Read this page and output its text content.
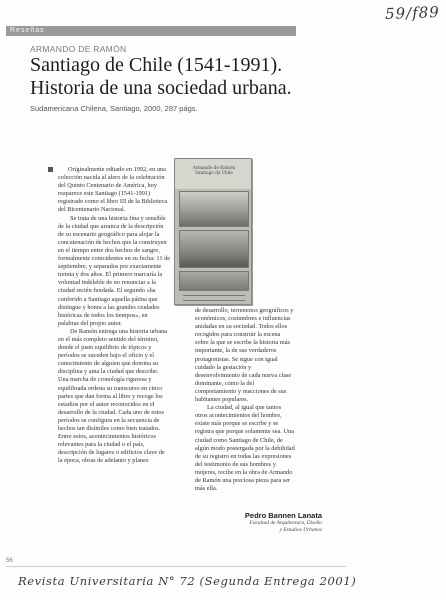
59/f89
Reseñas
ARMANDO DE RAMÓN
Santiago de Chile (1541-1991).
Historia de una sociedad urbana.
Sudamericana Chilena, Santiago, 2000, 287 págs.

Originalmente editado en 1992, en una colección nacida al alero de la celebración del Quinto Centenario de América, hoy reaparece este Santiago (1541-1991) registrado como el libro III de la Biblioteca del Bicentenario Nacional.

Se trata de una historia fina y sensible de la ciudad que arranca de la descripción de su escenario geográfico para alojar la concatenación de hechos que la construyen en el tiempo entre dos hechos de sangre, formalmente coincidentes en su fecha: 11 de septiembre, y separados por exactamente treinta y dos años. El primero marcaría la voluntad indeleble de no renunciar a la ciudad recién fundada. El segundo «ha conferido a Santiago aquella pátina que distingue y honra a las grandes ciudades históricas de todos los tiempos», en palabras del propio autor.

De Ramón entrega una historia urbana en el más completo sentido del término, donde el justo equilibrio de tópicos y períodos se suceden bajo el oficio y el conocimiento de alguien que domina su disciplina y ama la ciudad que describe. Una marcha de cronología rigurosa y equilibrada ordena su transcurso en cinco partes que dan forma al libro y recoge los estadios por el autor reconocidos en el desarrollo de la ciudad. Cada uno de estos períodos se configura en la secuencia de hechos tan disímiles como bien tratados. Entre estos, acontecimientos históricos relevantes para la ciudad o el país, descripción de lugares o edificios clave de la época, obras de adelanto y planes

Armando de Ramón
Santiago de Chile

de desarrollo, terremotos geográficos y económicos, costumbres e influencias anidadas en su sociedad. Todos ellos recogidos para construir la escena sobre la que se escribe la historia más importante, la de sus verdaderos protagonistas. Se sigue con igual cuidado la gestación y desenvolvimiento de cada nueva clase dominante, como la del comportamiento y reacciones de sus habitantes populares.

La ciudad, al igual que tantos otros acontecimientos del hombre, existe más porque se escribe y se registra que porque solamente sea. Una ciudad como Santiago de Chile, de algún modo postergada por la debilidad de su registro en todas las expresiones del testimonio de sus hombres y mujeres, recibe en la obra de Armando de Ramón una preciosa pieza para ser más ella.

Pedro Bannen Lanata
Facultad de Arquitectura, Diseño
y Estudios Urbanos
56
Revista Universitaria N° 72 (Segunda Entrega 2001)
